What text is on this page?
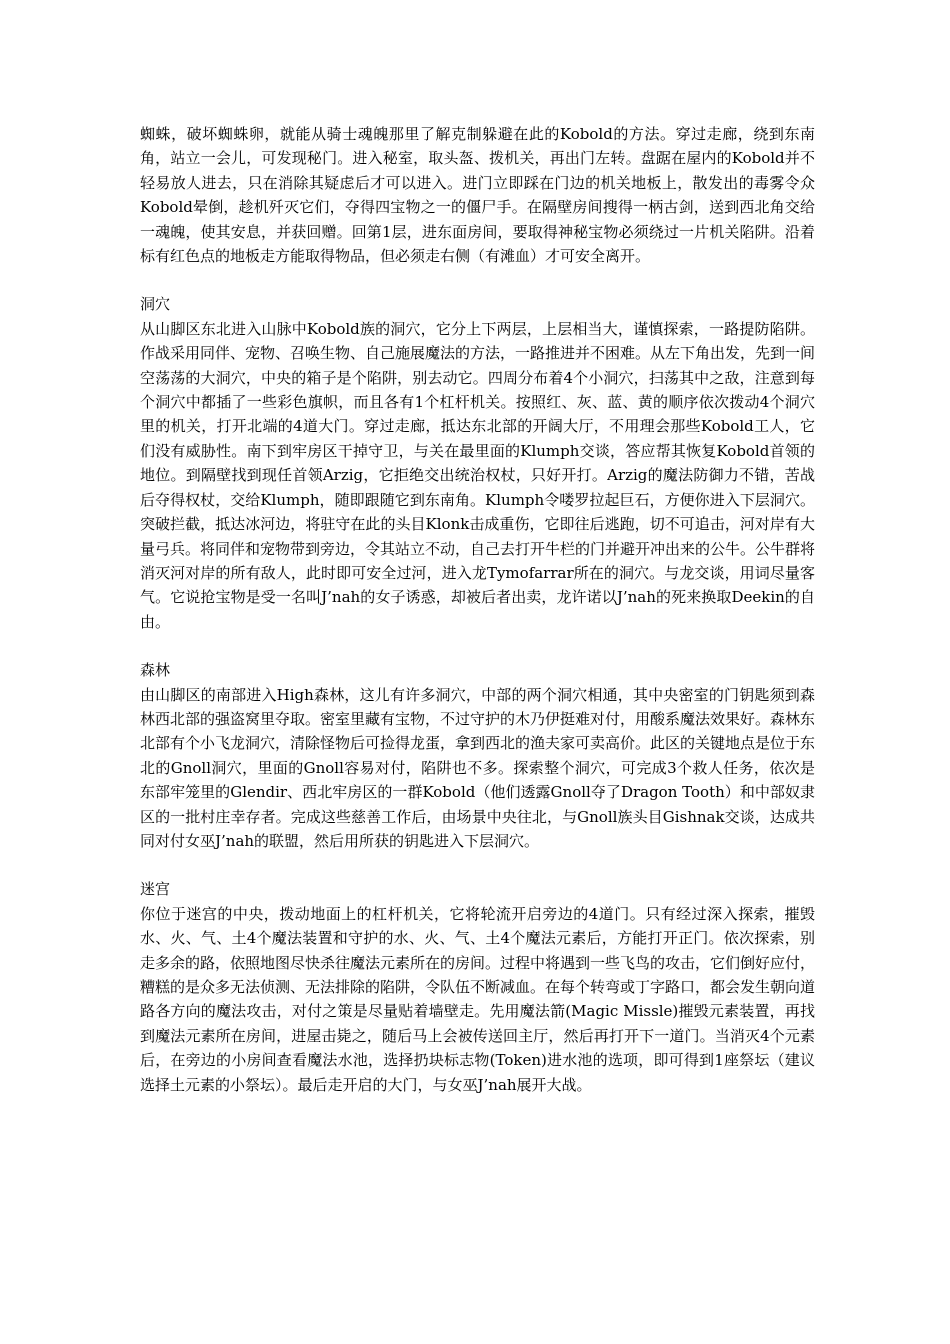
蜘蛛，破坏蜘蛛卵，就能从骑士魂魄那里了解克制躲避在此的Kobold的方法。穿过走廊，绕到东南角，站立一会儿，可发现秘门。进入秘室，取头盔、拨机关，再出门左转。盘踞在屋内的Kobold并不轻易放人进去，只在消除其疑虑后才可以进入。进门立即踩在门边的机关地板上，散发出的毒雾令众Kobold晕倒，趁机歼灭它们，夺得四宝物之一的僵尸手。在隔壁房间搜得一柄古剑，送到西北角交给一魂魄，使其安息，并获回赠。回第1层，进东面房间，要取得神秘宝物必须绕过一片机关陷阱。沿着标有红色点的地板走方能取得物品，但必须走右侧（有滩血）才可安全离开。

洞穴

从山脚区东北进入山脉中Kobold族的洞穴，它分上下两层，上层相当大，谨慎探索，一路提防陷阱。作战采用同伴、宠物、召唤生物、自己施展魔法的方法，一路推进并不困难。从左下角出发，先到一间空荡荡的大洞穴，中央的箱子是个陷阱，别去动它。四周分布着4个小洞穴，扫荡其中之敌，注意到每个洞穴中都插了一些彩色旗帜，而且各有1个杠杆机关。按照红、灰、蓝、黄的顺序依次拨动4个洞穴里的机关，打开北端的4道大门。穿过走廊，抵达东北部的开阔大厅，不用理会那些Kobold工人，它们没有威胁性。南下到牢房区干掉守卫，与关在最里面的Klumph交谈，答应帮其恢复Kobold首领的地位。到隔壁找到现任首领Arzig，它拒绝交出统治权杖，只好开打。Arzig的魔法防御力不错，苦战后夺得权杖，交给Klumph，随即跟随它到东南角。Klumph令喽罗拉起巨石，方便你进入下层洞穴。突破拦截，抵达冰河边，将驻守在此的头目Klonk击成重伤，它即往后逃跑，切不可追击，河对岸有大量弓兵。将同伴和宠物带到旁边，令其站立不动，自己去打开牛栏的门并避开冲出来的公牛。公牛群将消灭河对岸的所有敌人，此时即可安全过河，进入龙Tymofarrar所在的洞穴。与龙交谈，用词尽量客气。它说抢宝物是受一名叫J’nah的女子诱惑，却被后者出卖，龙许诺以J’nah的死来换取Deekin的自由。

森林

由山脚区的南部进入High森林，这儿有许多洞穴，中部的两个洞穴相通，其中央密室的门钥匙须到森林西北部的强盗窝里夺取。密室里藏有宝物，不过守护的木乃伊挺难对付，用酸系魔法效果好。森林东北部有个小飞龙洞穴，清除怪物后可捡得龙蛋，拿到西北的渔夫家可卖高价。此区的关键地点是位于东北的Gnoll洞穴，里面的Gnoll容易对付，陷阱也不多。探索整个洞穴，可完成3个救人任务，依次是东部牢笼里的Glendir、西北牢房区的一群Kobold（他们透露Gnoll夺了Dragon Tooth）和中部奴隶区的一批村庄幸存者。完成这些慈善工作后，由场景中央往北，与Gnoll族头目Gishnak交谈，达成共同对付女巫J’nah的联盟，然后用所获的钥匙进入下层洞穴。

迷宫

你位于迷宫的中央，拨动地面上的杠杆机关，它将轮流开启旁边的4道门。只有经过深入探索，摧毁水、火、气、土4个魔法装置和守护的水、火、气、土4个魔法元素后，方能打开正门。依次探索，别走多余的路，依照地图尽快杀往魔法元素所在的房间。过程中将遇到一些飞鸟的攻击，它们倒好应付，糟糕的是众多无法侦测、无法排除的陷阱，令队伍不断减血。在每个转弯或丁字路口，都会发生朝向道路各方向的魔法攻击，对付之策是尽量贴着墙壁走。先用魔法箭(Magic Missle)摧毁元素装置，再找到魔法元素所在房间，进屋击毙之，随后马上会被传送回主厅，然后再打开下一道门。当消灭4个元素后，在旁边的小房间查看魔法水池，选择扔块标志物(Token)进水池的选项，即可得到1座祭坛（建议选择土元素的小祭坛）。最后走开启的大门，与女巫J’nah展开大战。
